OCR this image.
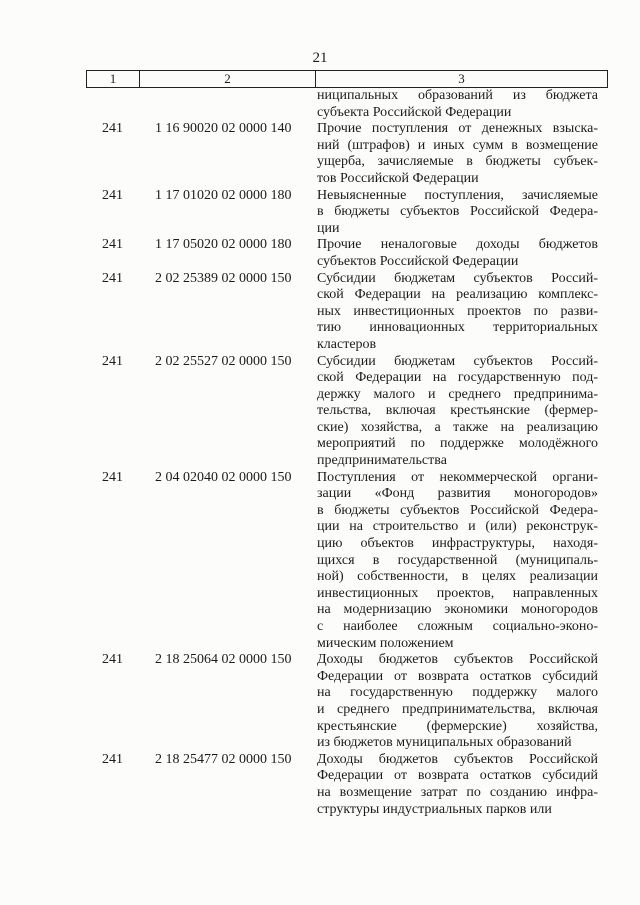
21
1	2	3
ниципальных образований из бюджета
субъекта Российской Федерации
241	1 16 90020 02 0000 140	Прочие поступления от денежных взыска-
ний (штрафов) и иных сумм в возмещение
ущерба, зачисляемые в бюджеты субъек-
тов Российской Федерации
241	1 17 01020 02 0000 180	Невыясненные поступления, зачисляемые
в бюджеты субъектов Российской Федера-
ции
241	1 17 05020 02 0000 180	Прочие неналоговые доходы бюджетов
субъектов Российской Федерации
241	2 02 25389 02 0000 150	Субсидии бюджетам субъектов Россий-
ской Федерации на реализацию комплекс-
ных инвестиционных проектов по разви-
тию инновационных территориальных
кластеров
241	2 02 25527 02 0000 150	Субсидии бюджетам субъектов Россий-
ской Федерации на государственную под-
держку малого и среднего предпринима-
тельства, включая крестьянские (фермер-
ские) хозяйства, а также на реализацию
мероприятий по поддержке молодёжного
предпринимательства
241	2 04 02040 02 0000 150	Поступления от некоммерческой органи-
зации «Фонд развития моногородов»
в бюджеты субъектов Российской Федера-
ции на строительство и (или) реконструк-
цию объектов инфраструктуры, находя-
щихся в государственной (муниципаль-
ной) собственности, в целях реализации
инвестиционных проектов, направленных
на модернизацию экономики моногородов
с наиболее сложным социально-эконо-
мическим положением
241	2 18 25064 02 0000 150	Доходы бюджетов субъектов Российской
Федерации от возврата остатков субсидий
на государственную поддержку малого
и среднего предпринимательства, включая
крестьянские (фермерские) хозяйства,
из бюджетов муниципальных образований
241	2 18 25477 02 0000 150	Доходы бюджетов субъектов Российской
Федерации от возврата остатков субсидий
на возмещение затрат по созданию инфра-
структуры индустриальных парков или
